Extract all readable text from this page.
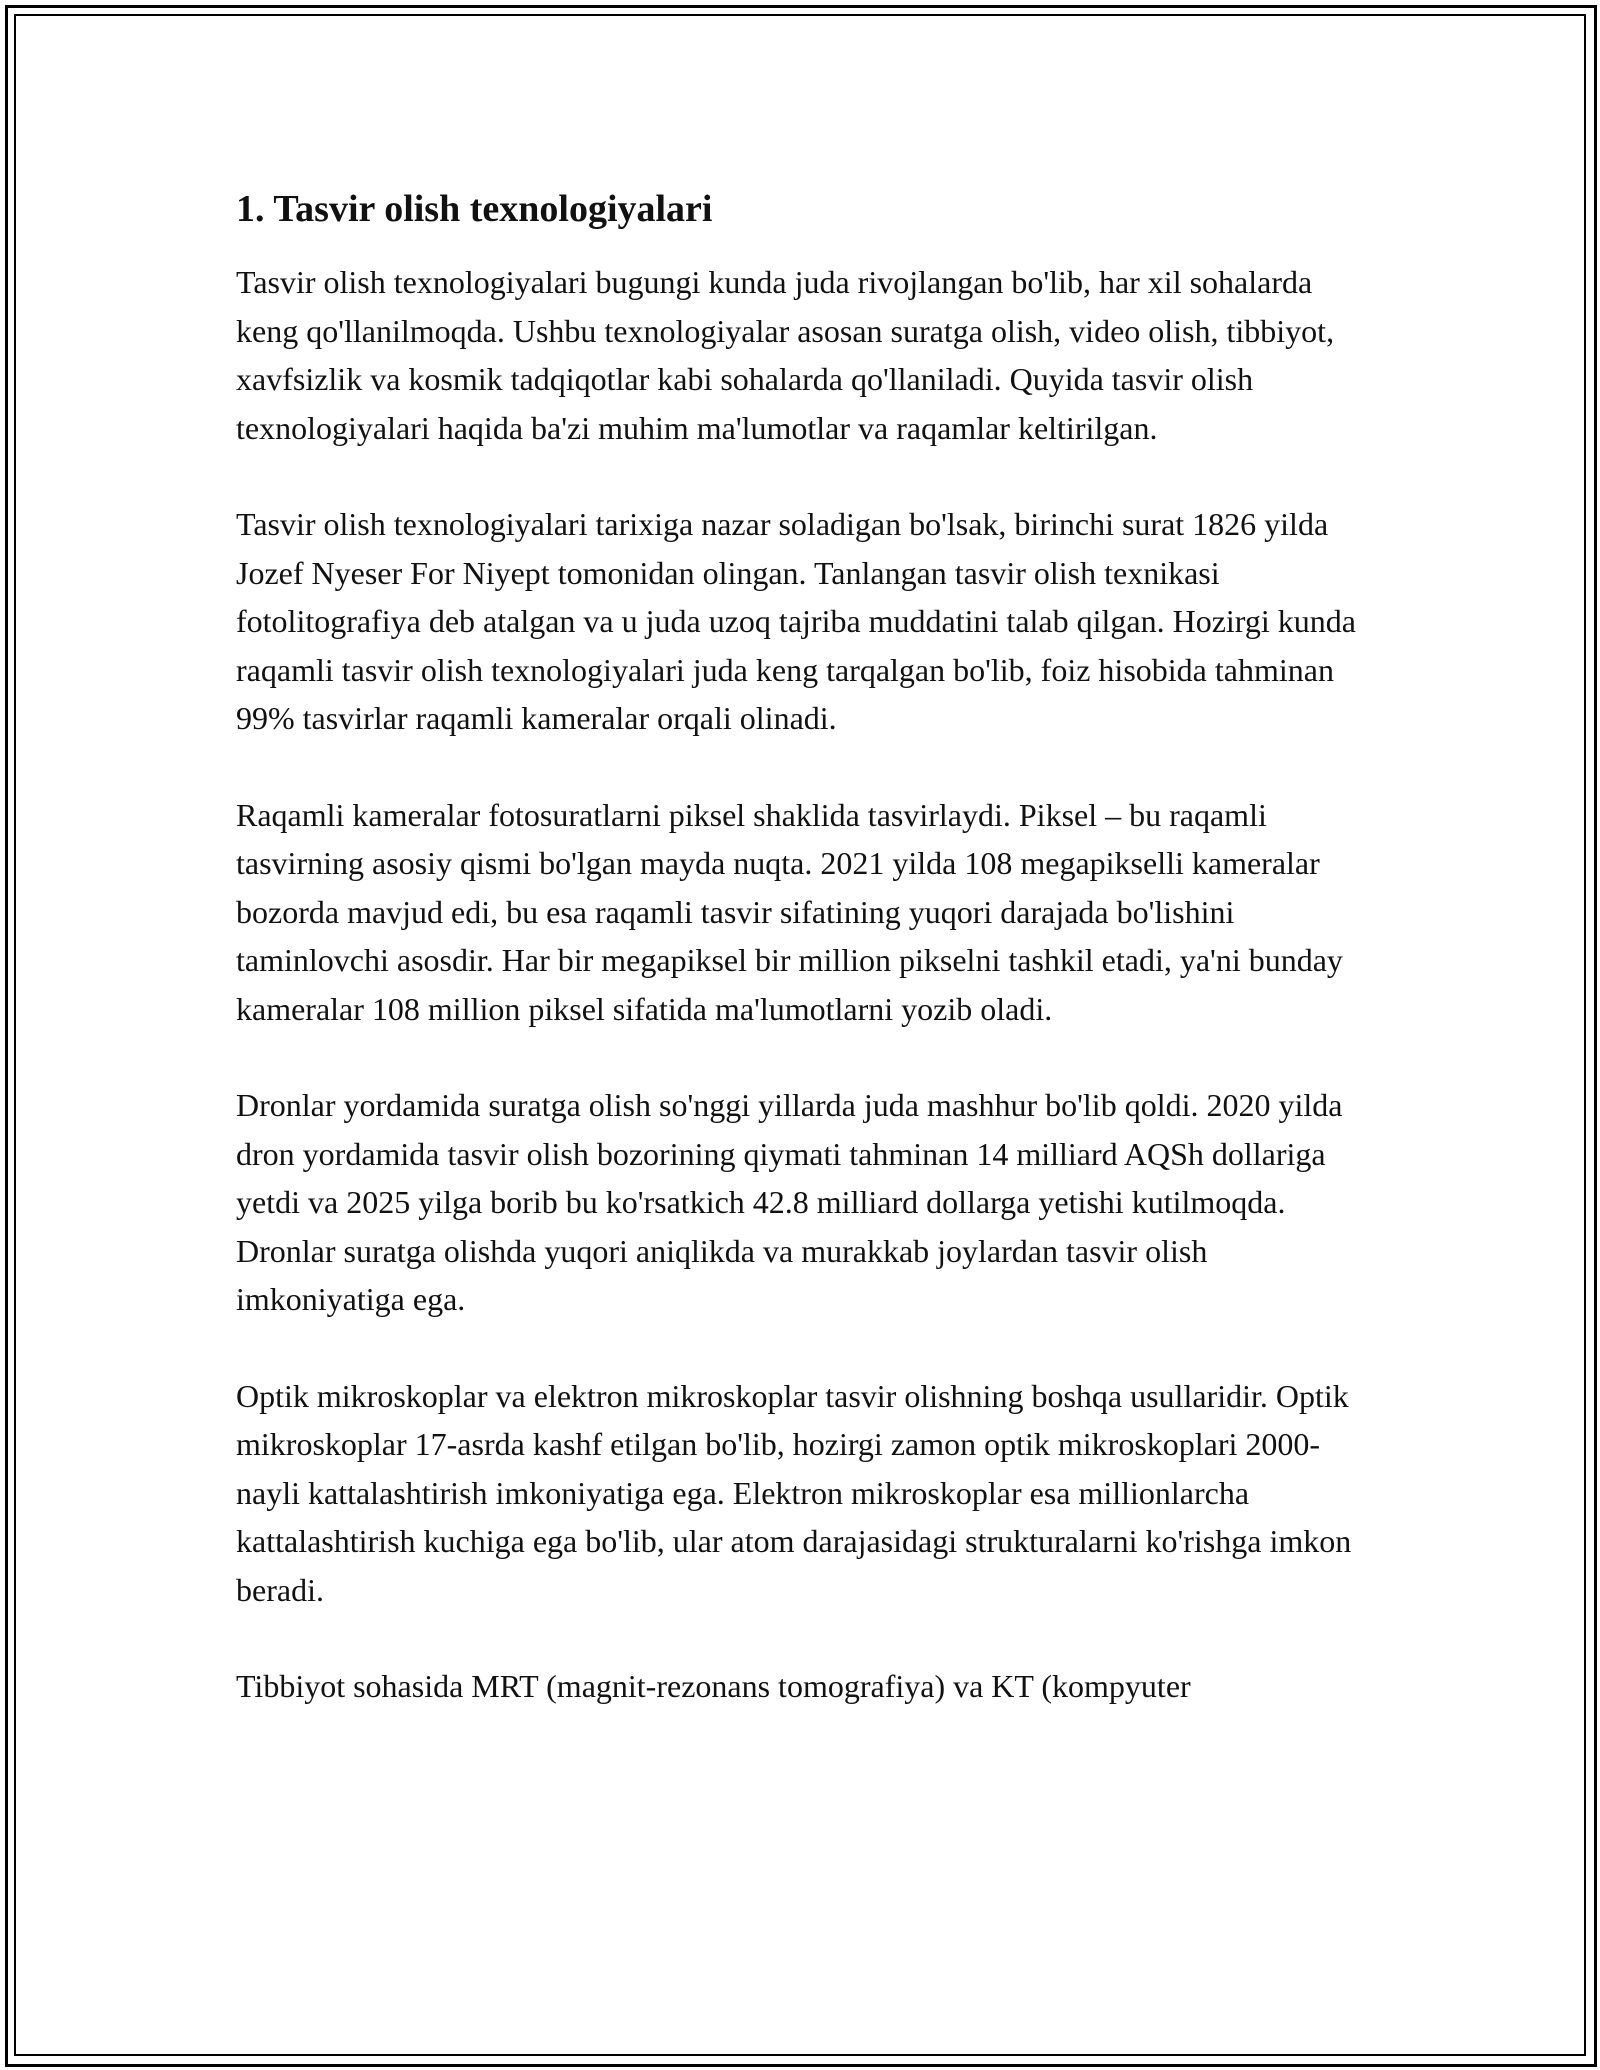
1. Tasvir olish texnologiyalari

Tasvir olish texnologiyalari bugungi kunda juda rivojlangan bo'lib, har xil sohalarda keng qo'llanilmoqda. Ushbu texnologiyalar asosan suratga olish, video olish, tibbiyot, xavfsizlik va kosmik tadqiqotlar kabi sohalarda qo'llaniladi. Quyida tasvir olish texnologiyalari haqida ba'zi muhim ma'lumotlar va raqamlar keltirilgan.

Tasvir olish texnologiyalari tarixiga nazar soladigan bo'lsak, birinchi surat 1826 yilda Jozef Nyeser For Niyept tomonidan olingan. Tanlangan tasvir olish texnikasi fotolitografiya deb atalgan va u juda uzoq tajriba muddatini talab qilgan. Hozirgi kunda raqamli tasvir olish texnologiyalari juda keng tarqalgan bo'lib, foiz hisobida tahminan 99% tasvirlar raqamli kameralar orqali olinadi.

Raqamli kameralar fotosuratlarni piksel shaklida tasvirlaydi. Piksel – bu raqamli tasvirning asosiy qismi bo'lgan mayda nuqta. 2021 yilda 108 megapikselli kameralar bozorda mavjud edi, bu esa raqamli tasvir sifatining yuqori darajada bo'lishini taminlovchi asosdir. Har bir megapiksel bir million pikselni tashkil etadi, ya'ni bunday kameralar 108 million piksel sifatida ma'lumotlarni yozib oladi.

Dronlar yordamida suratga olish so'nggi yillarda juda mashhur bo'lib qoldi. 2020 yilda dron yordamida tasvir olish bozorining qiymati tahminan 14 milliard AQSh dollariga yetdi va 2025 yilga borib bu ko'rsatkich 42.8 milliard dollarga yetishi kutilmoqda. Dronlar suratga olishda yuqori aniqlikda va murakkab joylardan tasvir olish imkoniyatiga ega.

Optik mikroskoplar va elektron mikroskoplar tasvir olishning boshqa usullaridir. Optik mikroskoplar 17-asrda kashf etilgan bo'lib, hozirgi zamon optik mikroskoplari 2000-nayli kattalashtirish imkoniyatiga ega. Elektron mikroskoplar esa millionlarcha kattalashtirish kuchiga ega bo'lib, ular atom darajasidagi strukturalarni ko'rishga imkon beradi.

Tibbiyot sohasida MRT (magnit-rezonans tomografiya) va KT (kompyuter
